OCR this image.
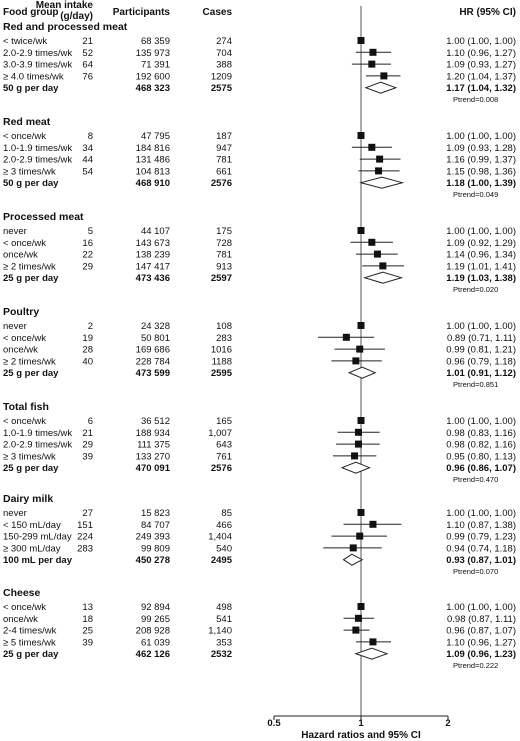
Food group
Mean intake
(g/day) Participants	Cases	HR (95% CI)
Red and processed meat
< twice/wk	21	68 359	274	1.00 (1.00, 1.00)
2.0-2.9 times/wk 52	135 973	704	1.10 (0.96, 1.27)
3.0-3.9 times/wk 64	71 391	388	1.09 (0.93, 1.27)
≥ 4.0 times/wk 76	192 600	1209	1.20 (1.04, 1.37)
50 g per day	468 323	2575	1.17 (1.04, 1.32)
Ptrend=0.008
Red meat
< once/wk	8	47 795	187	1.00 (1.00, 1.00)
1.0-1.9 times/wk 34	184 816	947	1.09 (0.93, 1.28)
2.0-2.9 times/wk 44	131 486	781	1.16 (0.99, 1.37)
≥ 3 times/wk	54	104 813	661	1.15 (0.98, 1.36)
50 g per day	468 910	2576	1.18 (1.00, 1.39)
Ptrend=0.049
Processed meat
never	5	44 107	175	1.00 (1.00, 1.00)
< once/wk	16	143 673	728	1.09 (0.92, 1.29)
once/wk	22	138 239	781	1.14 (0.96, 1.34)
≥ 2 times/wk	29	147 417	913	1.19 (1.01, 1.41)
25 g per day	473 436	2597	1.19 (1.03, 1.38)
Ptrend=0.020
Poultry
never	2	24 328	108	1.00 (1.00, 1.00)
< once/wk	19	50 801	283	0.89 (0.71, 1.11)
once/wk	28	169 686	1016	0.99 (0.81, 1.21)
≥ 2 times/wk	40	228 784	1188	0.96 (0.79, 1.18)
25 g per day	473 599	2595	1.01 (0.91, 1.12)
Ptrend=0.851
Total fish
< once/wk	6	36 512	165	1.00 (1.00, 1.00)
1.0-1.9 times/wk 21	188 934	1,007	0.98 (0.83, 1.16)
2.0-2.9 times/wk 29	111 375	643	0.98 (0.82, 1.16)
≥ 3 times/wk	39	133 270	761	0.95 (0.80, 1.13)
25 g per day	470 091	2576	0.96 (0.86, 1.07)
Ptrend=0.470
Dairy milk
never	27	15 823	85	1.00 (1.00, 1.00)
< 150 mL/day 151	84 707	466	1.10 (0.87, 1.38)
150-299 mL/day 224	249 393	1,404	0.99 (0.79, 1.23)
≥ 300 mL/day 283	99 809	540	0.94 (0.74, 1.18)
100 mL per day	450 278	2495	0.93 (0.87, 1.01)
Ptrend=0.070
Cheese
< once/wk	13	92 894	498	1.00 (1.00, 1.00)
once/wk	18	99 265	541	0.98 (0.87, 1.11)
2-4 times/wk	25	208 928	1,140	0.96 (0.87, 1.07)
≥ 5 times/wk	39	61 039	353	1.10 (0.96, 1.27)
25 g per day	462 126	2532	1.09 (0.96, 1.23)
Ptrend=0.222
0.5	1	2
Hazard ratios and 95% CI
